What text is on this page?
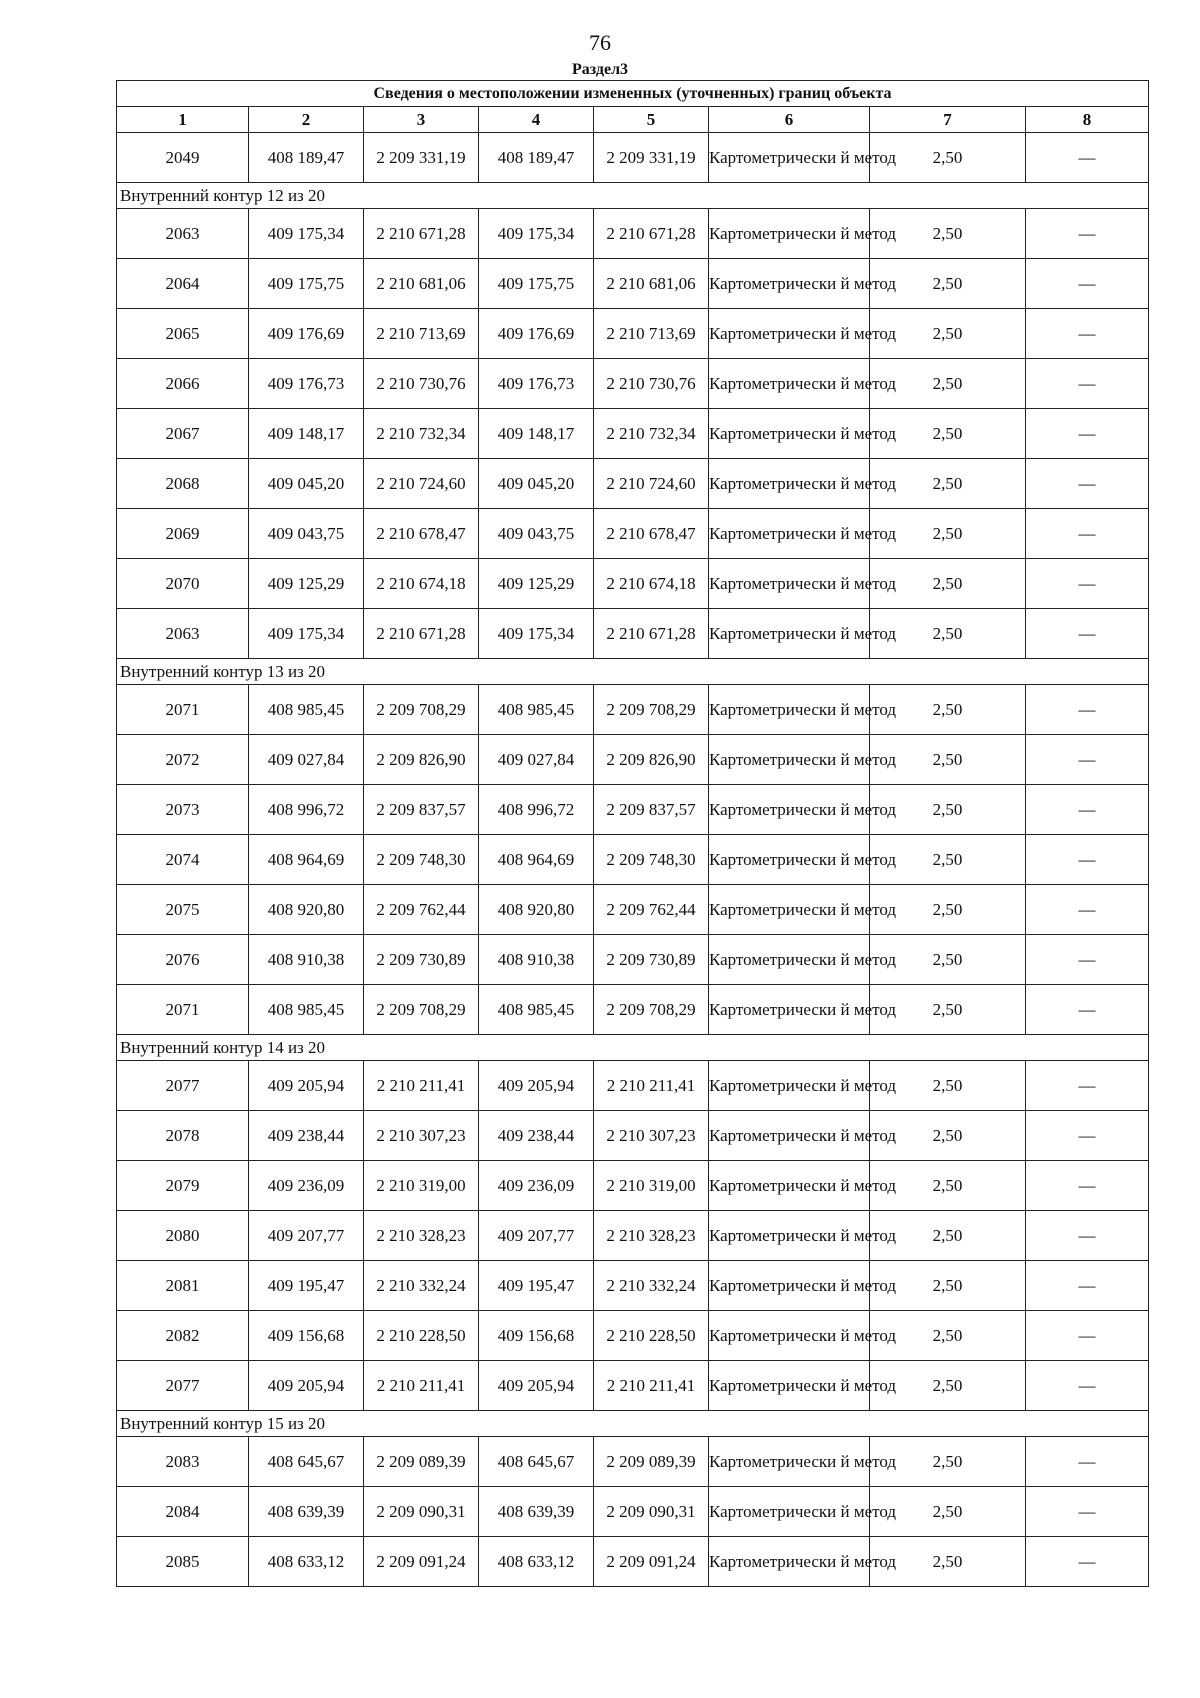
76
Раздел3
Сведения о местоположении измененных (уточненных) границ объекта							
1	2	3	4	5	6	7	8
2049	408 189,47	2 209 331,19	408 189,47	2 209 331,19	Картометрически й метод	2,50	—
Внутренний контур 12 из 20							
2063	409 175,34	2 210 671,28	409 175,34	2 210 671,28	Картометрически й метод	2,50	—
2064	409 175,75	2 210 681,06	409 175,75	2 210 681,06	Картометрически й метод	2,50	—
2065	409 176,69	2 210 713,69	409 176,69	2 210 713,69	Картометрически й метод	2,50	—
2066	409 176,73	2 210 730,76	409 176,73	2 210 730,76	Картометрически й метод	2,50	—
2067	409 148,17	2 210 732,34	409 148,17	2 210 732,34	Картометрически й метод	2,50	—
2068	409 045,20	2 210 724,60	409 045,20	2 210 724,60	Картометрически й метод	2,50	—
2069	409 043,75	2 210 678,47	409 043,75	2 210 678,47	Картометрически й метод	2,50	—
2070	409 125,29	2 210 674,18	409 125,29	2 210 674,18	Картометрически й метод	2,50	—
2063	409 175,34	2 210 671,28	409 175,34	2 210 671,28	Картометрически й метод	2,50	—
Внутренний контур 13 из 20							
2071	408 985,45	2 209 708,29	408 985,45	2 209 708,29	Картометрически й метод	2,50	—
2072	409 027,84	2 209 826,90	409 027,84	2 209 826,90	Картометрически й метод	2,50	—
2073	408 996,72	2 209 837,57	408 996,72	2 209 837,57	Картометрически й метод	2,50	—
2074	408 964,69	2 209 748,30	408 964,69	2 209 748,30	Картометрически й метод	2,50	—
2075	408 920,80	2 209 762,44	408 920,80	2 209 762,44	Картометрически й метод	2,50	—
2076	408 910,38	2 209 730,89	408 910,38	2 209 730,89	Картометрически й метод	2,50	—
2071	408 985,45	2 209 708,29	408 985,45	2 209 708,29	Картометрически й метод	2,50	—
Внутренний контур 14 из 20							
2077	409 205,94	2 210 211,41	409 205,94	2 210 211,41	Картометрически й метод	2,50	—
2078	409 238,44	2 210 307,23	409 238,44	2 210 307,23	Картометрически й метод	2,50	—
2079	409 236,09	2 210 319,00	409 236,09	2 210 319,00	Картометрически й метод	2,50	—
2080	409 207,77	2 210 328,23	409 207,77	2 210 328,23	Картометрически й метод	2,50	—
2081	409 195,47	2 210 332,24	409 195,47	2 210 332,24	Картометрически й метод	2,50	—
2082	409 156,68	2 210 228,50	409 156,68	2 210 228,50	Картометрически й метод	2,50	—
2077	409 205,94	2 210 211,41	409 205,94	2 210 211,41	Картометрически й метод	2,50	—
Внутренний контур 15 из 20							
2083	408 645,67	2 209 089,39	408 645,67	2 209 089,39	Картометрически й метод	2,50	—
2084	408 639,39	2 209 090,31	408 639,39	2 209 090,31	Картометрически й метод	2,50	—
2085	408 633,12	2 209 091,24	408 633,12	2 209 091,24	Картометрически й метод	2,50	—
